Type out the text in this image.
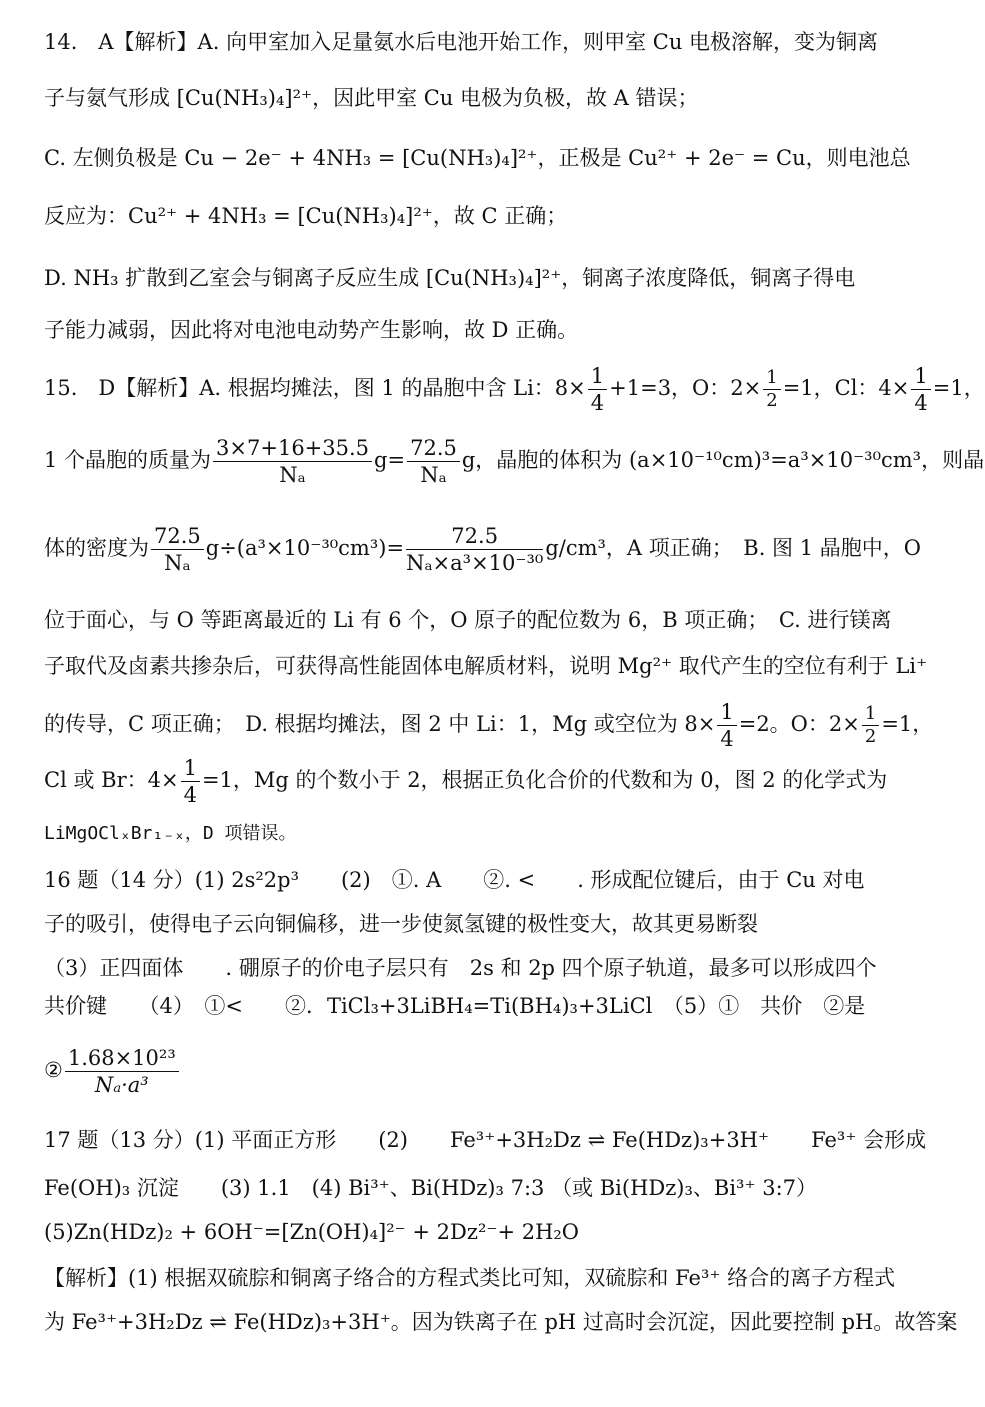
14.　A【解析】A. 向甲室加入足量氨水后电池开始工作，则甲室 Cu 电极溶解，变为铜离
子与氨气形成 [Cu(NH₃)₄]²⁺，因此甲室 Cu 电极为负极，故 A 错误；
C. 左侧负极是 Cu − 2e⁻ + 4NH₃ = [Cu(NH₃)₄]²⁺，正极是 Cu²⁺ + 2e⁻ = Cu，则电池总
反应为：Cu²⁺ + 4NH₃ = [Cu(NH₃)₄]²⁺，故 C 正确；
D. NH₃ 扩散到乙室会与铜离子反应生成 [Cu(NH₃)₄]²⁺，铜离子浓度降低，铜离子得电
子能力减弱，因此将对电池电动势产生影响，故 D 正确。
15.　D【解析】A. 根据均摊法，图 1 的晶胞中含 Li：$8\times \frac{1}{4} +1=3$，O：$2\times \frac{1}{2} =1$，Cl：$4\times \frac{1}{4} =1$，
1 个晶胞的质量为 $\frac{3\times 7+16+35.5}{\text{Nₐ}} g= \frac{72.5}{\text{Nₐ}}$ g，晶胞的体积为 (a×10⁻¹⁰cm)³=a³×10⁻³⁰cm³，则晶
体的密度为 $\frac{72.5}{\text{Nₐ}} g\div(a^3\times 10^{-30}cm^3)= \frac{72.5}{\text{Nₐ×a³×10⁻³⁰}} g/cm^3$，A 项正确；　B. 图 1 晶胞中，O
位于面心，与 O 等距离最近的 Li 有 6 个，O 原子的配位数为 6，B 项正确；　C. 进行镁离
子取代及卤素共掺杂后，可获得高性能固体电解质材料，说明 Mg²⁺ 取代产生的空位有利于 Li⁺
的传导，C 项正确；　D. 根据均摊法，图 2 中 Li：1，Mg 或空位为 $8\times \frac{1}{4} =2$。O：$2\times \frac{1}{2} =1$，
Cl 或 Br：$4\times \frac{1}{4} =1$，Mg 的个数小于 2，根据正负化合价的代数和为 0，图 2 的化学式为
LiMgOClₓBr₁₋ₓ，D 项错误。
16 题（14 分）(1) 2s²2p³　　(2)　①. A　　②. <　　. 形成配位键后，由于 Cu 对电
子的吸引，使得电子云向铜偏移，进一步使氮氢键的极性变大，故其更易断裂
（3）正四面体　　. 硼原子的价电子层只有　2s 和 2p 四个原子轨道，最多可以形成四个
共价键　　（4）　①<　　②．TiCl₃+3LiBH₄=Ti(BH₄)₃+3LiCl　（5）①　共价　②是
② $\frac{\text{1.68×10²³}}{\text{Nₐ·a³}}$
17 题（13 分）(1) 平面正方形　　(2)　　Fe³⁺+3H₂Dz ⇌ Fe(HDz)₃+3H⁺　　Fe³⁺ 会形成
Fe(OH)₃ 沉淀　　(3) 1.1　(4) Bi³⁺、Bi(HDz)₃ 7:3 （或 Bi(HDz)₃、Bi³⁺ 3:7）
(5)Zn(HDz)₂ + 6OH⁻=[Zn(OH)₄]²⁻ + 2Dz²⁻+ 2H₂O
【解析】(1) 根据双硫腙和铜离子络合的方程式类比可知，双硫腙和 Fe³⁺ 络合的离子方程式
为 Fe³⁺+3H₂Dz ⇌ Fe(HDz)₃+3H⁺。因为铁离子在 pH 过高时会沉淀，因此要控制 pH。故答案
